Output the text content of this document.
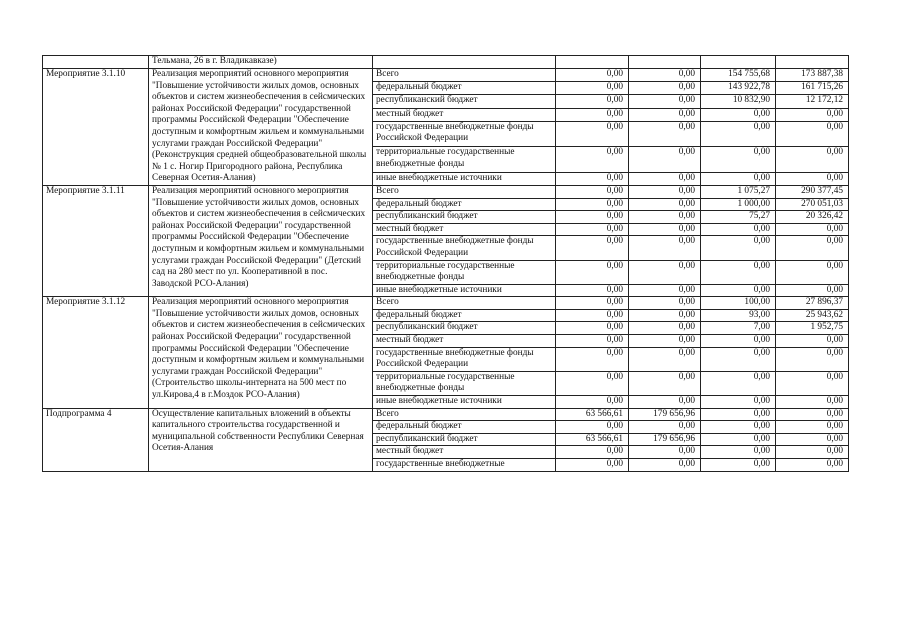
	Тельмана, 26 в г. Владикавказе)					
Мероприятие 3.1.10	Реализация мероприятий основного мероприятия "Повышение устойчивости жилых домов, основных объектов и систем жизнеобеспечения в сейсмических районах Российской Федерации" государственной программы Российской Федерации "Обеспечение доступным и комфортным жильем и коммунальными услугами граждан Российской Федерации" (Реконструкция средней общеобразовательной школы № 1 с. Ногир Пригородного района, Республика Северная Осетия-Алания)	Всего	0,00	0,00	154 755,68	173 887,38
		федеральный бюджет	0,00	0,00	143 922,78	161 715,26
		республиканский бюджет	0,00	0,00	10 832,90	12 172,12
		местный бюджет	0,00	0,00	0,00	0,00
		государственные внебюджетные фонды Российской Федерации	0,00	0,00	0,00	0,00
		территориальные государственные внебюджетные фонды	0,00	0,00	0,00	0,00
		иные внебюджетные источники	0,00	0,00	0,00	0,00
Мероприятие 3.1.11	Реализация мероприятий основного мероприятия "Повышение устойчивости жилых домов, основных объектов и систем жизнеобеспечения в сейсмических районах Российской Федерации" государственной программы Российской Федерации "Обеспечение доступным и комфортным жильем и коммунальными услугами граждан Российской Федерации" (Детский сад на 280 мест по ул. Кооперативной в пос. Заводской РСО-Алания)	Всего	0,00	0,00	1 075,27	290 377,45
		федеральный бюджет	0,00	0,00	1 000,00	270 051,03
		республиканский бюджет	0,00	0,00	75,27	20 326,42
		местный бюджет	0,00	0,00	0,00	0,00
		государственные внебюджетные фонды Российской Федерации	0,00	0,00	0,00	0,00
		территориальные государственные внебюджетные фонды	0,00	0,00	0,00	0,00
		иные внебюджетные источники	0,00	0,00	0,00	0,00
Мероприятие 3.1.12	Реализация мероприятий основного мероприятия "Повышение устойчивости жилых домов, основных объектов и систем жизнеобеспечения в сейсмических районах Российской Федерации" государственной программы Российской Федерации "Обеспечение доступным и комфортным жильем и коммунальными услугами граждан Российской Федерации" (Строительство школы-интерната на 500 мест по ул.Кирова,4 в г.Моздок РСО-Алания)	Всего	0,00	0,00	100,00	27 896,37
		федеральный бюджет	0,00	0,00	93,00	25 943,62
		республиканский бюджет	0,00	0,00	7,00	1 952,75
		местный бюджет	0,00	0,00	0,00	0,00
		государственные внебюджетные фонды Российской Федерации	0,00	0,00	0,00	0,00
		территориальные государственные внебюджетные фонды	0,00	0,00	0,00	0,00
		иные внебюджетные источники	0,00	0,00	0,00	0,00
Подпрограмма 4	Осуществление капитальных вложений в объекты капитального строительства государственной и муниципальной собственности Республики Северная Осетия-Алания	Всего	63 566,61	179 656,96	0,00	0,00
		федеральный бюджет	0,00	0,00	0,00	0,00
		республиканский бюджет	63 566,61	179 656,96	0,00	0,00
		местный бюджет	0,00	0,00	0,00	0,00
		государственные внебюджетные	0,00	0,00	0,00	0,00
